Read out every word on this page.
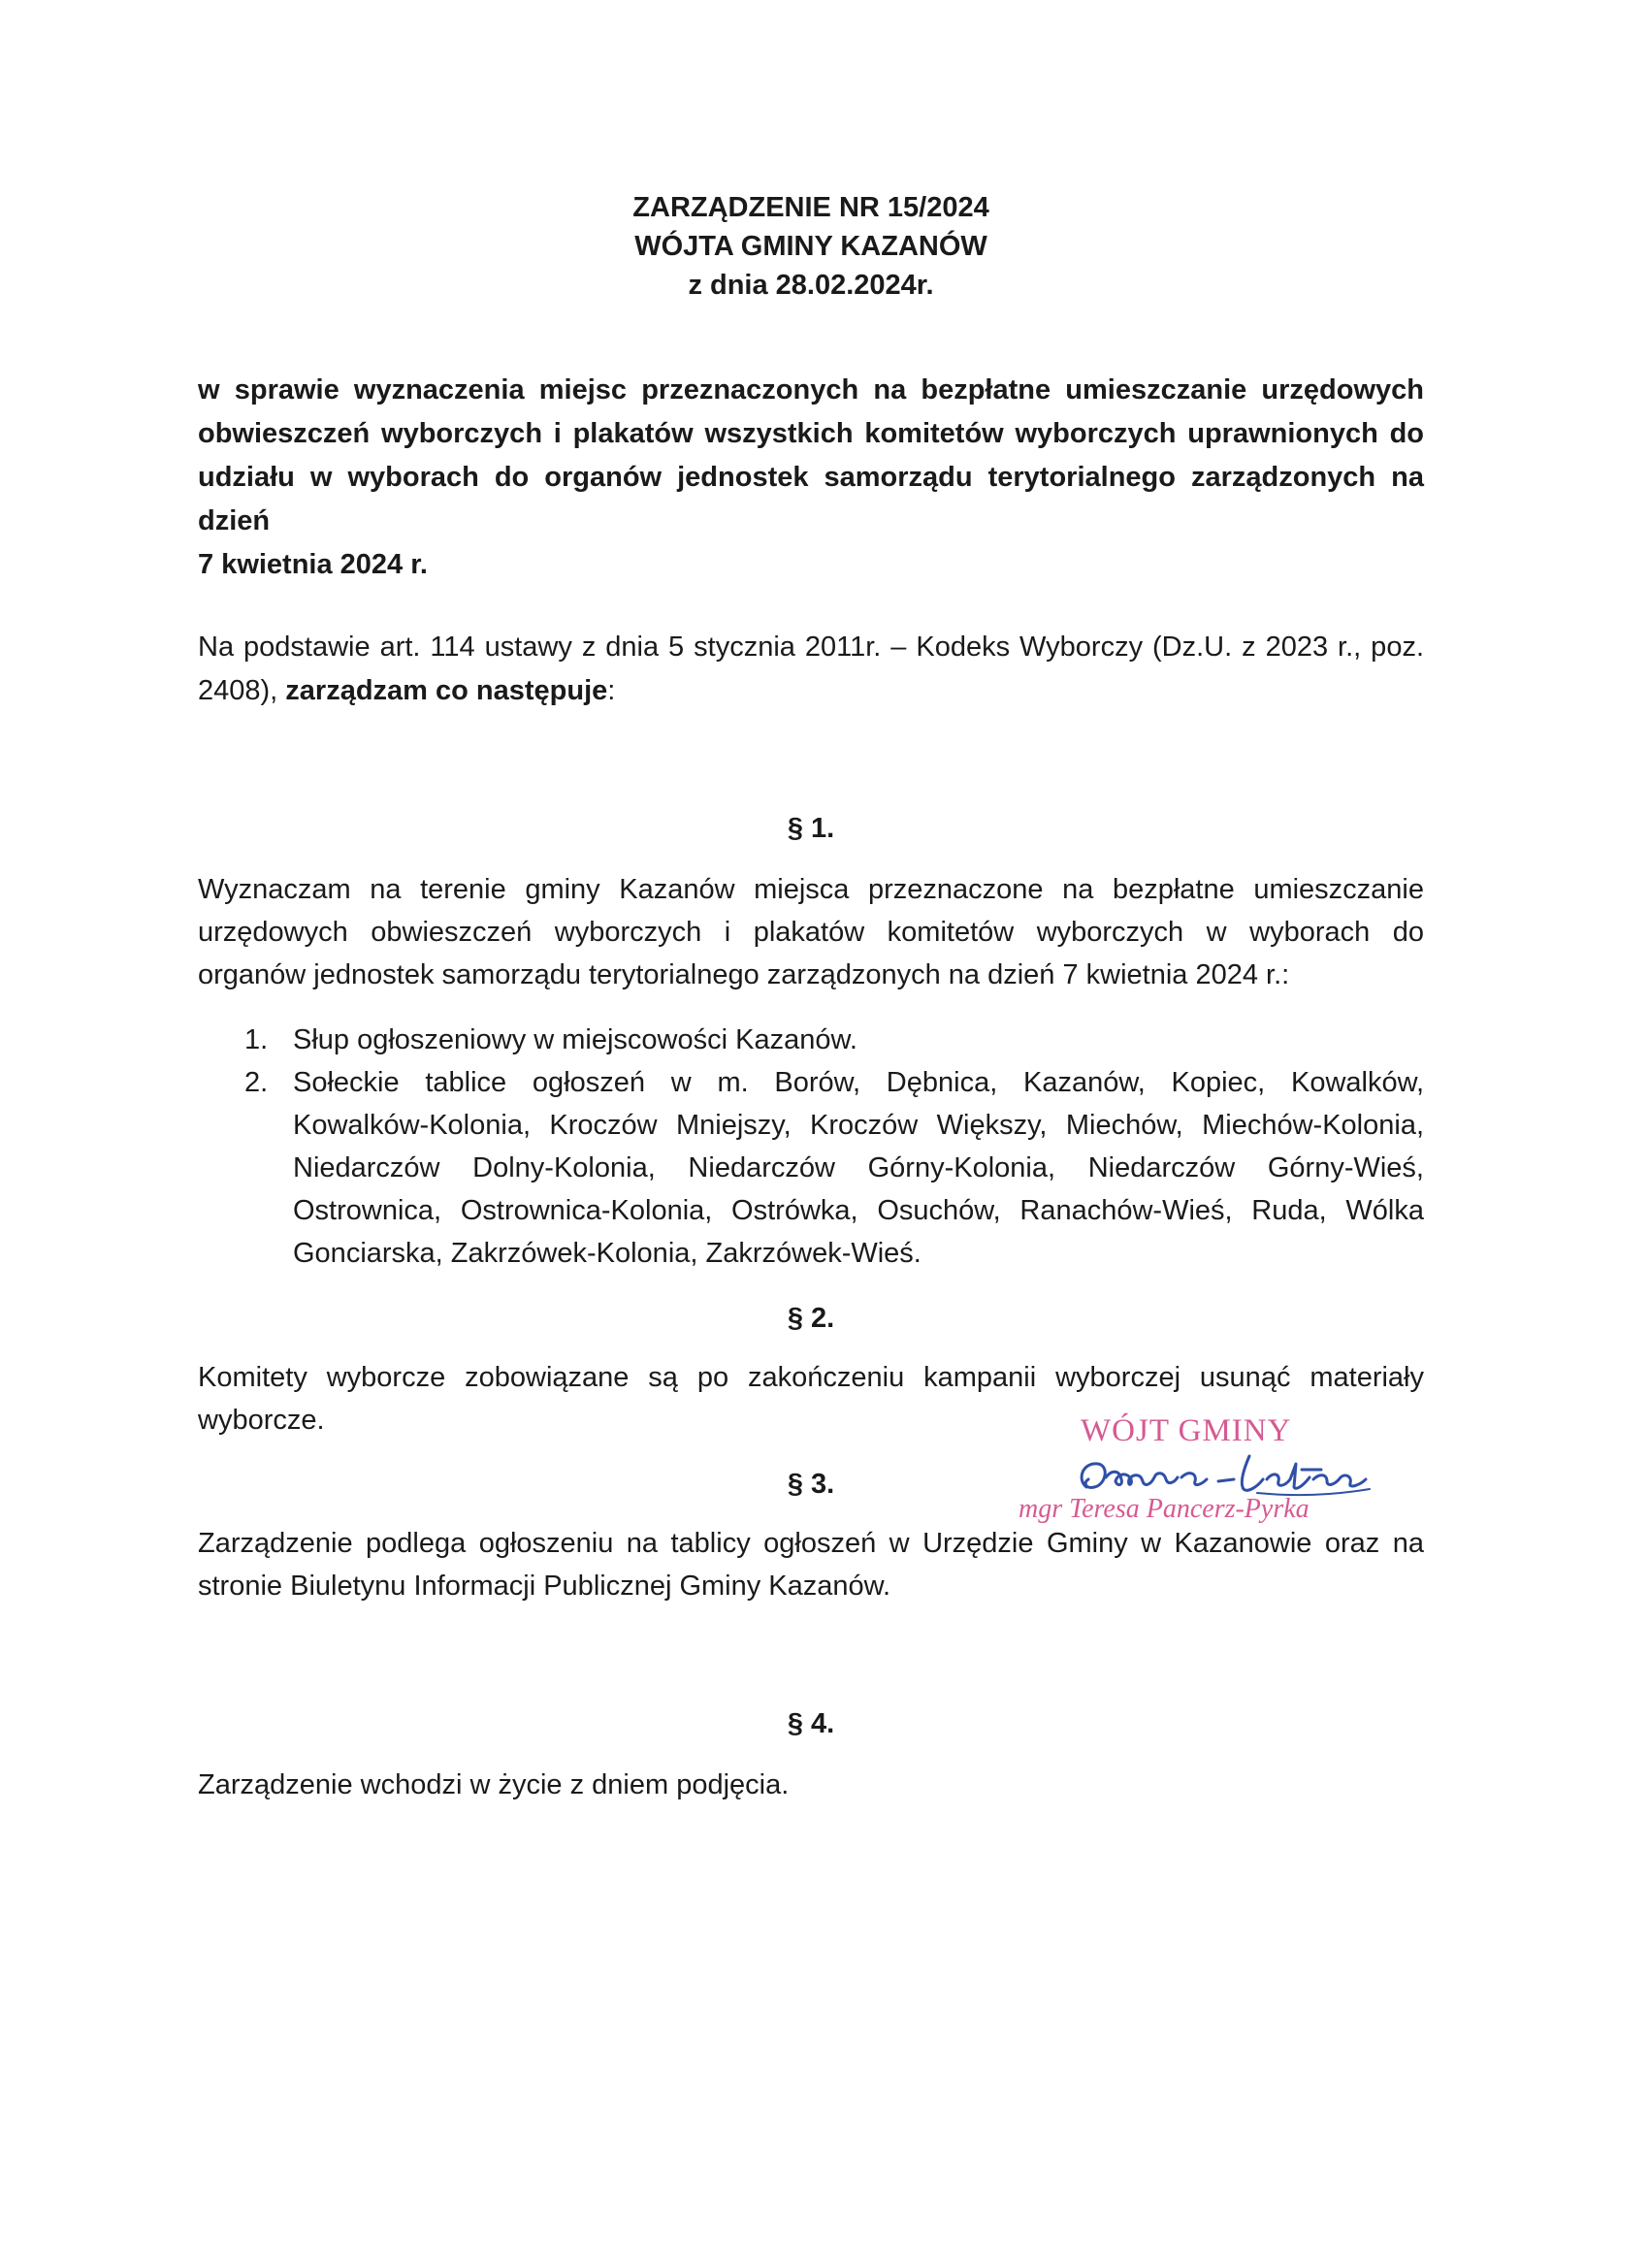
ZARZĄDZENIE NR 15/2024
WÓJTA GMINY KAZANÓW
z dnia 28.02.2024r.
w sprawie wyznaczenia miejsc przeznaczonych na bezpłatne umieszczanie urzędowych
obwieszczeń wyborczych i plakatów wszystkich komitetów wyborczych uprawnionych do
udziału w wyborach do organów jednostek samorządu terytorialnego zarządzonych na dzień
7 kwietnia 2024 r.
Na podstawie art. 114 ustawy z dnia 5 stycznia 2011r. – Kodeks Wyborczy (Dz.U. z 2023 r., poz.
2408), zarządzam co następuje:
§ 1.
Wyznaczam na terenie gminy Kazanów miejsca przeznaczone na bezpłatne umieszczanie
urzędowych obwieszczeń wyborczych i plakatów komitetów wyborczych w wyborach do
organów jednostek samorządu terytorialnego zarządzonych na dzień 7 kwietnia 2024 r.:
1. Słup ogłoszeniowy w miejscowości Kazanów.
2. Sołeckie tablice ogłoszeń w m. Borów, Dębnica, Kazanów, Kopiec, Kowalków,
Kowalków-Kolonia, Kroczów Mniejszy, Kroczów Większy, Miechów, Miechów-Kolonia,
Niedarczów Dolny-Kolonia, Niedarczów Górny-Kolonia, Niedarczów Górny-Wieś,
Ostrownica, Ostrownica-Kolonia, Ostrówka, Osuchów, Ranachów-Wieś, Ruda, Wólka
Gonciarska, Zakrzówek-Kolonia, Zakrzówek-Wieś.
§ 2.
Komitety wyborcze zobowiązane są po zakończeniu kampanii wyborczej usunąć materiały
wyborcze.
§ 3.
Zarządzenie podlega ogłoszeniu na tablicy ogłoszeń w Urzędzie Gminy w Kazanowie oraz na
stronie Biuletynu Informacji Publicznej Gminy Kazanów.
§ 4.
Zarządzenie wchodzi w życie z dniem podjęcia.
WÓJT GMINY
mgr Teresa Pancerz-Pyrka
